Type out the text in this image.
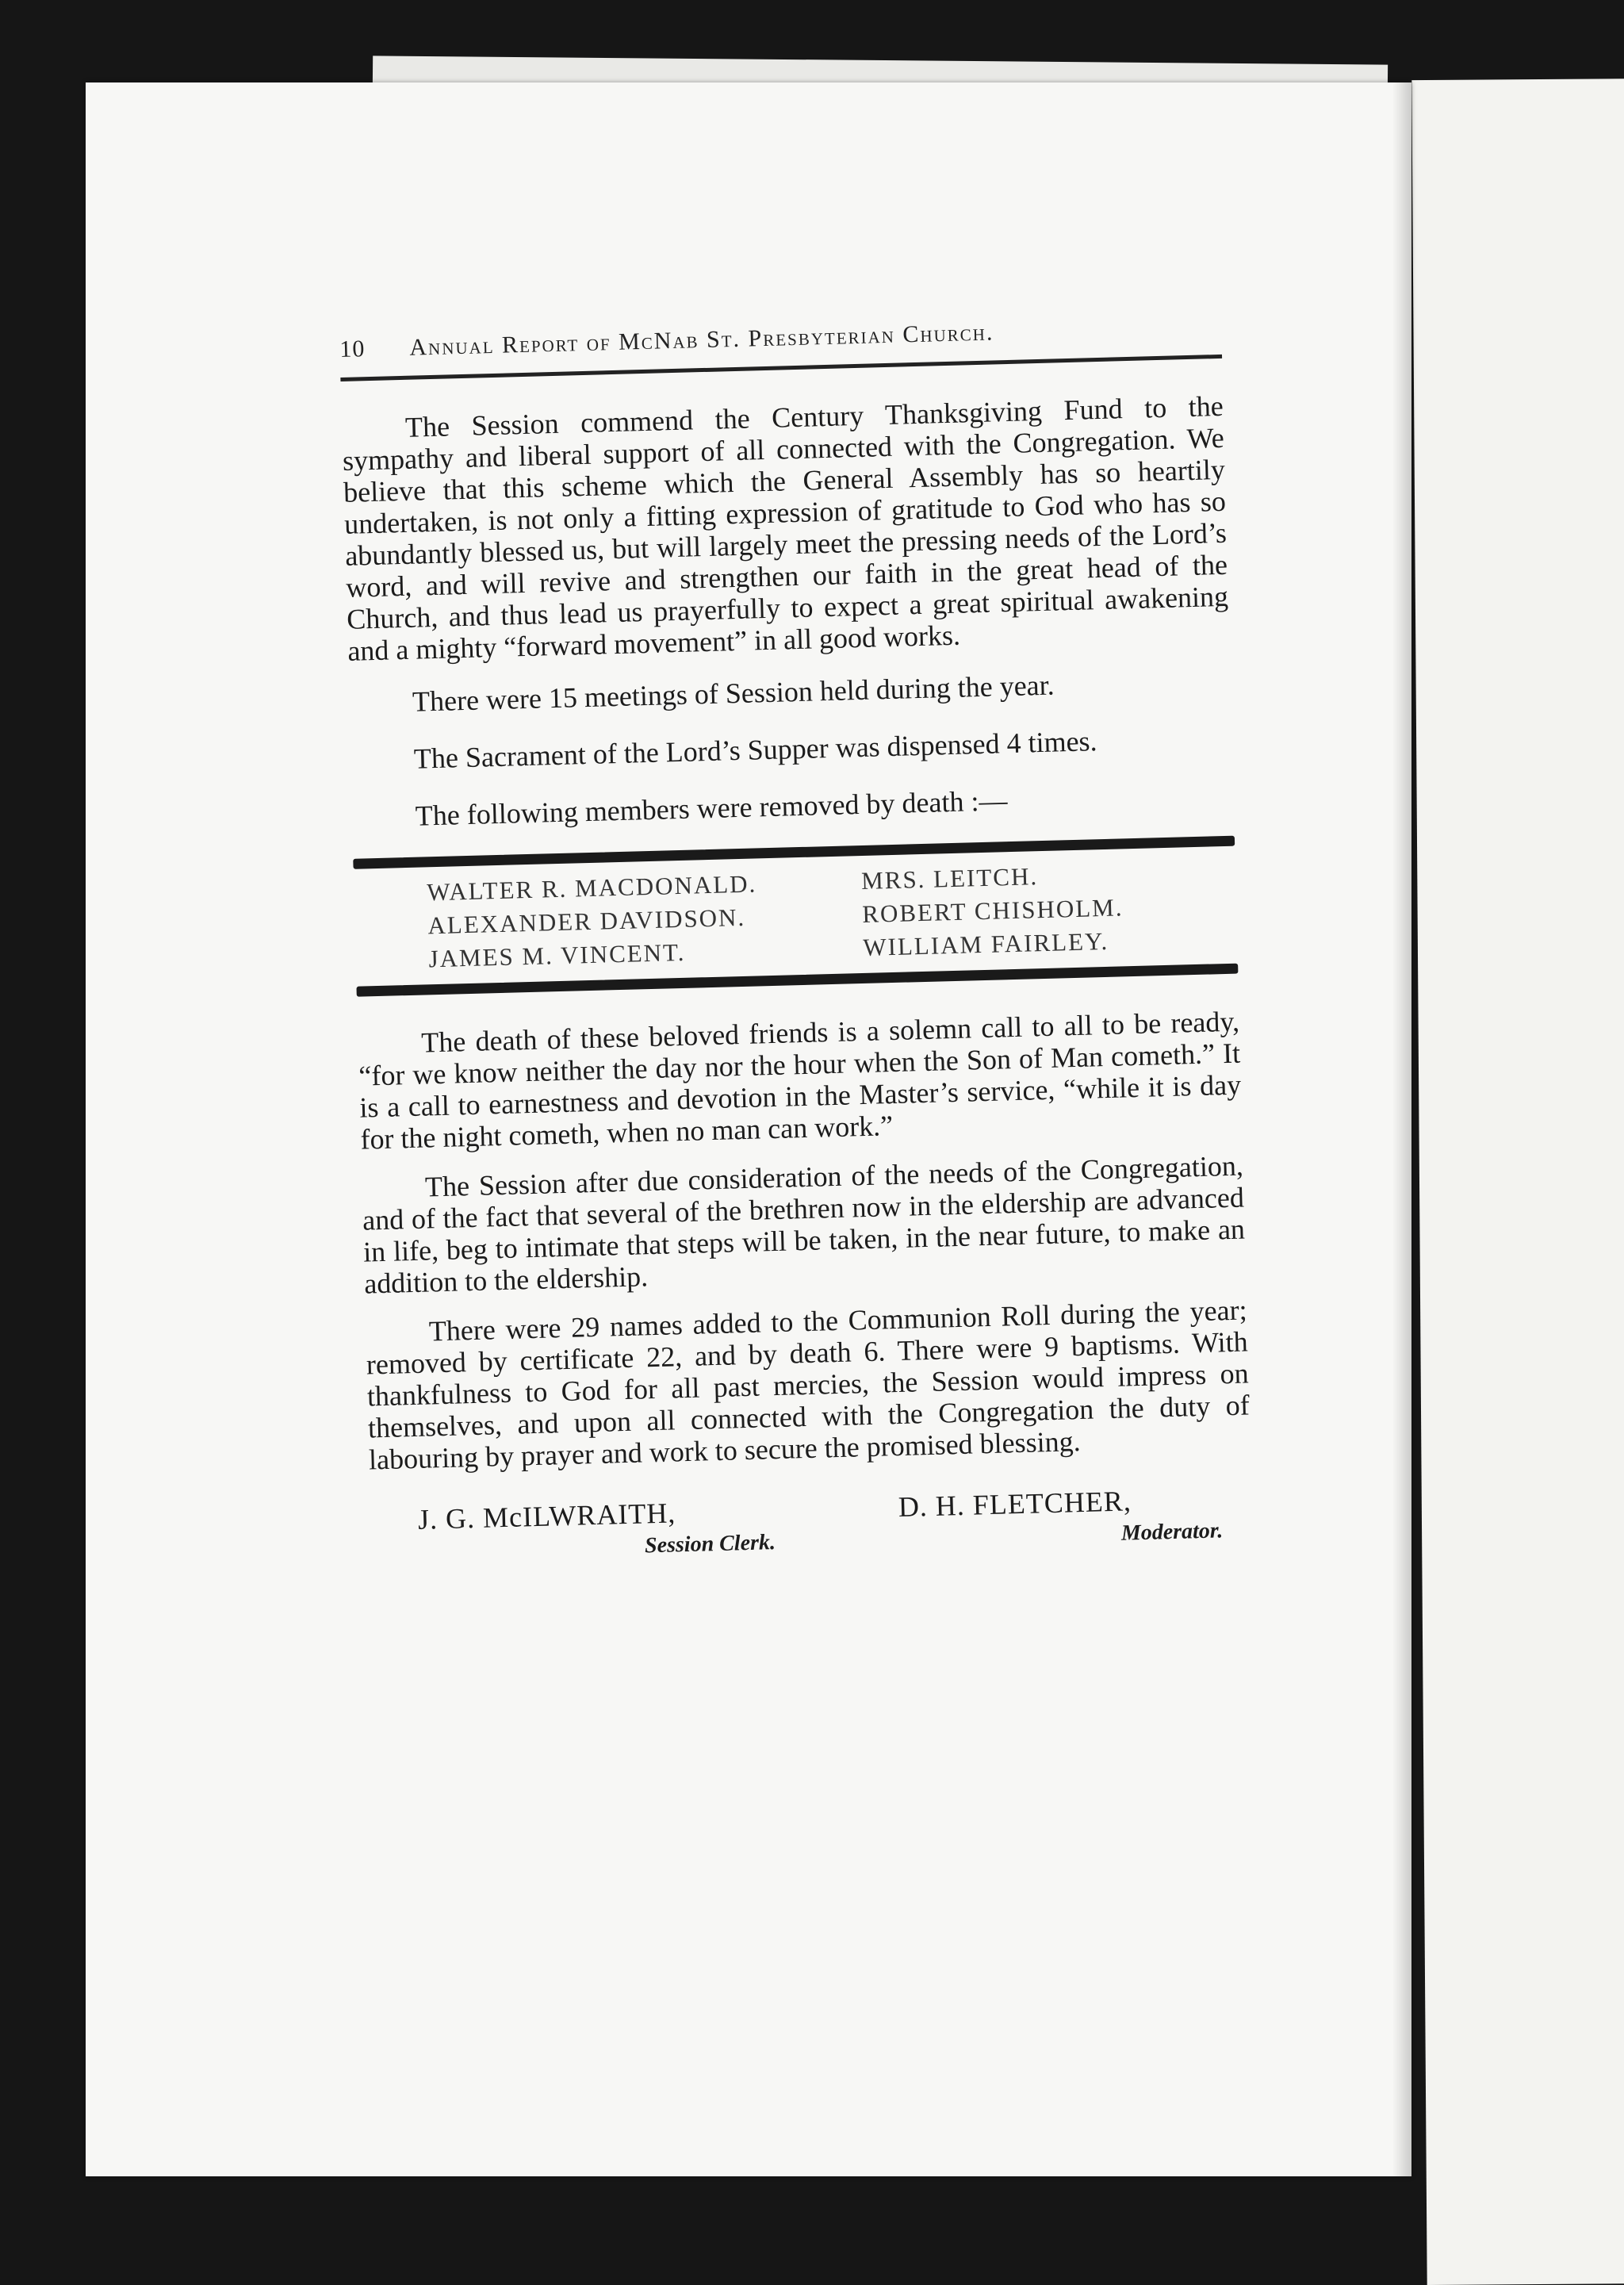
10 Annual Report of McNab St. Presbyterian Church.

The Session commend the Century Thanksgiving Fund to the sympathy and liberal support of all connected with the Congregation. We believe that this scheme which the General Assembly has so heartily undertaken, is not only a fitting expression of gratitude to God who has so abundantly blessed us, but will largely meet the pressing needs of the Lord’s word, and will revive and strengthen our faith in the great head of the Church, and thus lead us prayerfully to expect a great spiritual awakening and a mighty “forward movement” in all good works.

There were 15 meetings of Session held during the year.

The Sacrament of the Lord’s Supper was dispensed 4 times.

The following members were removed by death :—

WALTER R. MACDONALD.	MRS. LEITCH.
ALEXANDER DAVIDSON.	ROBERT CHISHOLM.
JAMES M. VINCENT.	WILLIAM FAIRLEY.

The death of these beloved friends is a solemn call to all to be ready, “for we know neither the day nor the hour when the Son of Man cometh.” It is a call to earnestness and devotion in the Master’s service, “while it is day for the night cometh, when no man can work.”

The Session after due consideration of the needs of the Congregation, and of the fact that several of the brethren now in the eldership are advanced in life, beg to intimate that steps will be taken, in the near future, to make an addition to the eldership.

There were 29 names added to the Communion Roll during the year; removed by certificate 22, and by death 6. There were 9 baptisms. With thankfulness to God for all past mercies, the Session would impress on themselves, and upon all connected with the Congregation the duty of labouring by prayer and work to secure the promised blessing.

J. G. McILWRAITH,
Session Clerk.
D. H. FLETCHER,
Moderator.
